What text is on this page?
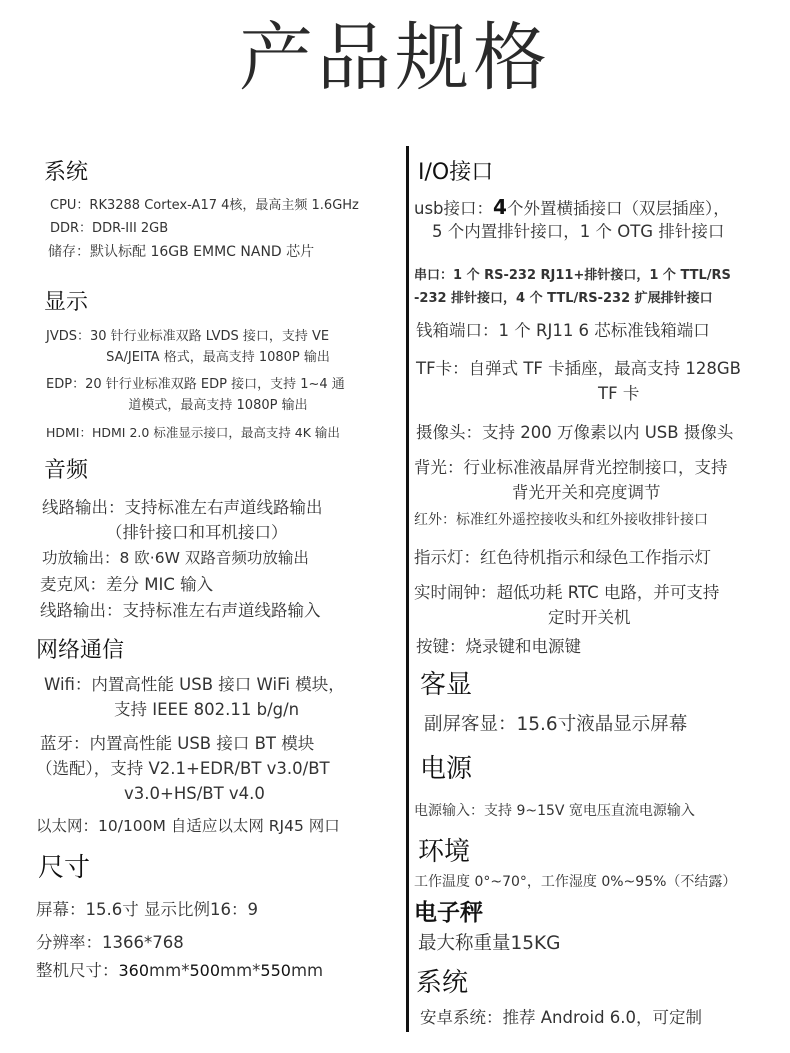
产品规格
系统
CPU：RK3288 Cortex-A17 4核，最高主频 1.6GHz
DDR：DDR-III 2GB
储存：默认标配 16GB EMMC NAND 芯片
显示
JVDS：30 针行业标准双路 LVDS 接口，支持 VE
SA/JEITA 格式，最高支持 1080P 输出
EDP：20 针行业标准双路 EDP 接口，支持 1~4 通
道模式，最高支持 1080P 输出
HDMI：HDMI 2.0 标准显示接口，最高支持 4K 输出
音频
线路输出：支持标准左右声道线路输出
（排针接口和耳机接口）
功放输出：8 欧·6W 双路音频功放输出
麦克风：差分 MIC 输入
线路输出：支持标准左右声道线路输入
网络通信
Wifi：内置高性能 USB 接口 WiFi 模块，
支持 IEEE 802.11 b/g/n
蓝牙：内置高性能 USB 接口 BT 模块
（选配），支持 V2.1+EDR/BT v3.0/BT
v3.0+HS/BT v4.0
以太网：10/100M 自适应以太网 RJ45 网口
尺寸
屏幕：15.6寸 显示比例16：9
分辨率：1366*768
整机尺寸：360mm*500mm*550mm
I/O接口
usb接口：4个外置横插接口（双层插座），
5 个内置排针接口，1 个 OTG 排针接口
串口：1 个 RS-232 RJ11+排针接口，1 个 TTL/RS
-232 排针接口，4 个 TTL/RS-232 扩展排针接口
钱箱端口：1 个 RJ11 6 芯标准钱箱端口
TF卡：自弹式 TF 卡插座，最高支持 128GB
TF 卡
摄像头：支持 200 万像素以内 USB 摄像头
背光：行业标准液晶屏背光控制接口，支持
背光开关和亮度调节
红外：标准红外遥控接收头和红外接收排针接口
指示灯：红色待机指示和绿色工作指示灯
实时闹钟：超低功耗 RTC 电路，并可支持
定时开关机
按键：烧录键和电源键
客显
副屏客显：15.6寸液晶显示屏幕
电源
电源输入：支持 9~15V 宽电压直流电源输入
环境
工作温度 0°~70°，工作湿度 0%~95%（不结露）
电子秤
最大称重量15KG
系统
安卓系统：推荐 Android 6.0，可定制
